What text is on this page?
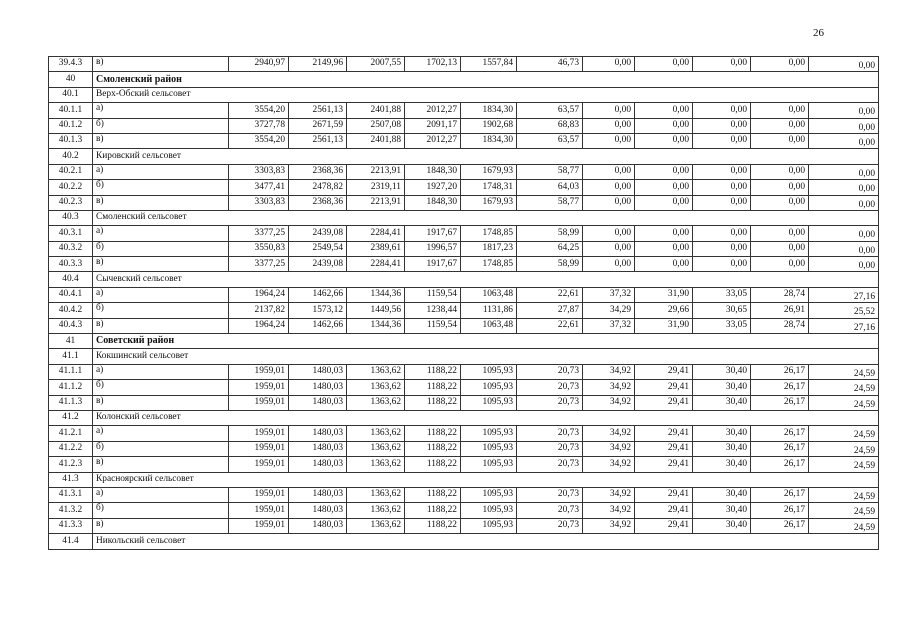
26
39.4.3	в)	2940,97	2149,96	2007,55	1702,13	1557,84	46,73	0,00	0,00	0,00	0,00	0,00
40	Смоленский район											
40.1	Верх-Обский сельсовет											
40.1.1	а)	3554,20	2561,13	2401,88	2012,27	1834,30	63,57	0,00	0,00	0,00	0,00	0,00
40.1.2	б)	3727,78	2671,59	2507,08	2091,17	1902,68	68,83	0,00	0,00	0,00	0,00	0,00
40.1.3	в)	3554,20	2561,13	2401,88	2012,27	1834,30	63,57	0,00	0,00	0,00	0,00	0,00
40.2	Кировский сельсовет											
40.2.1	а)	3303,83	2368,36	2213,91	1848,30	1679,93	58,77	0,00	0,00	0,00	0,00	0,00
40.2.2	б)	3477,41	2478,82	2319,11	1927,20	1748,31	64,03	0,00	0,00	0,00	0,00	0,00
40.2.3	в)	3303,83	2368,36	2213,91	1848,30	1679,93	58,77	0,00	0,00	0,00	0,00	0,00
40.3	Смоленский сельсовет											
40.3.1	а)	3377,25	2439,08	2284,41	1917,67	1748,85	58,99	0,00	0,00	0,00	0,00	0,00
40.3.2	б)	3550,83	2549,54	2389,61	1996,57	1817,23	64,25	0,00	0,00	0,00	0,00	0,00
40.3.3	в)	3377,25	2439,08	2284,41	1917,67	1748,85	58,99	0,00	0,00	0,00	0,00	0,00
40.4	Сычевский сельсовет											
40.4.1	а)	1964,24	1462,66	1344,36	1159,54	1063,48	22,61	37,32	31,90	33,05	28,74	27,16
40.4.2	б)	2137,82	1573,12	1449,56	1238,44	1131,86	27,87	34,29	29,66	30,65	26,91	25,52
40.4.3	в)	1964,24	1462,66	1344,36	1159,54	1063,48	22,61	37,32	31,90	33,05	28,74	27,16
41	Советский район											
41.1	Кокшинский сельсовет											
41.1.1	а)	1959,01	1480,03	1363,62	1188,22	1095,93	20,73	34,92	29,41	30,40	26,17	24,59
41.1.2	б)	1959,01	1480,03	1363,62	1188,22	1095,93	20,73	34,92	29,41	30,40	26,17	24,59
41.1.3	в)	1959,01	1480,03	1363,62	1188,22	1095,93	20,73	34,92	29,41	30,40	26,17	24,59
41.2	Колонский сельсовет											
41.2.1	а)	1959,01	1480,03	1363,62	1188,22	1095,93	20,73	34,92	29,41	30,40	26,17	24,59
41.2.2	б)	1959,01	1480,03	1363,62	1188,22	1095,93	20,73	34,92	29,41	30,40	26,17	24,59
41.2.3	в)	1959,01	1480,03	1363,62	1188,22	1095,93	20,73	34,92	29,41	30,40	26,17	24,59
41.3	Красноярский сельсовет											
41.3.1	а)	1959,01	1480,03	1363,62	1188,22	1095,93	20,73	34,92	29,41	30,40	26,17	24,59
41.3.2	б)	1959,01	1480,03	1363,62	1188,22	1095,93	20,73	34,92	29,41	30,40	26,17	24,59
41.3.3	в)	1959,01	1480,03	1363,62	1188,22	1095,93	20,73	34,92	29,41	30,40	26,17	24,59
41.4	Никольский сельсовет											
